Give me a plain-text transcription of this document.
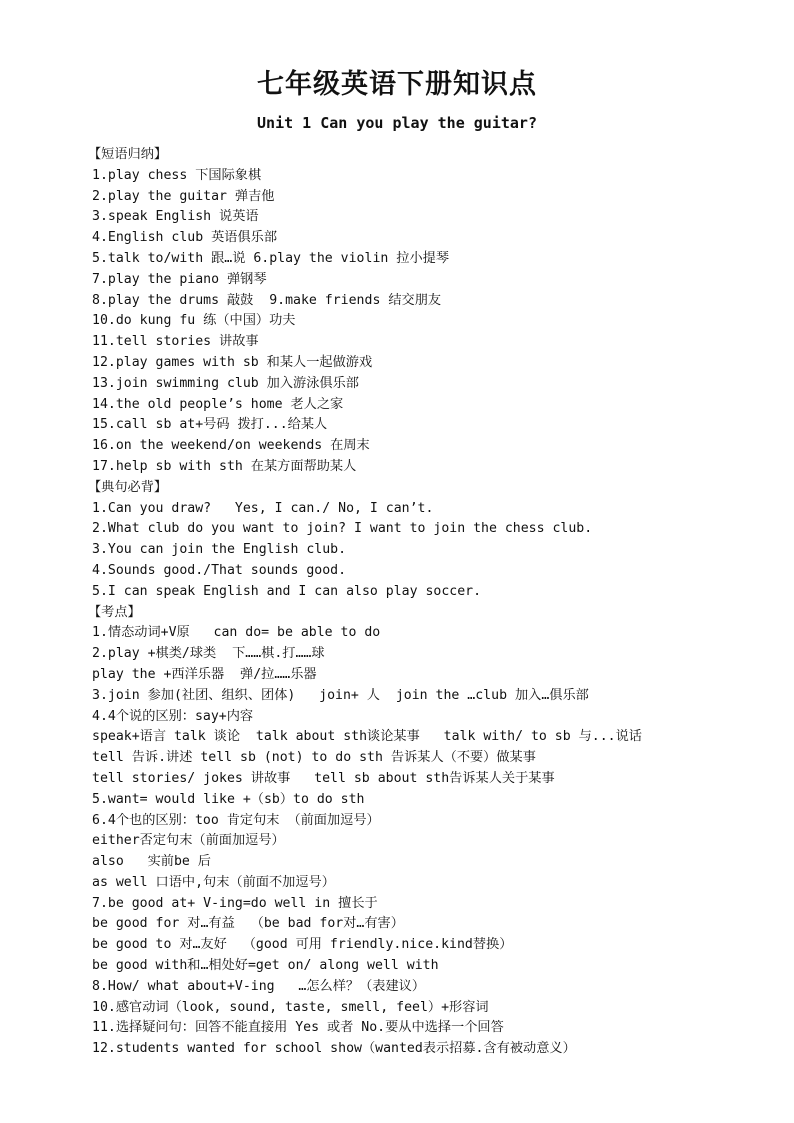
七年级英语下册知识点
Unit 1 Can you play the guitar?
【短语归纳】
1.play chess 下国际象棋
2.play the guitar 弹吉他
3.speak English 说英语
4.English club 英语俱乐部
5.talk to/with 跟…说 6.play the violin 拉小提琴
7.play the piano 弹钢琴
8.play the drums 敲鼓  9.make friends 结交朋友
10.do kung fu 练（中国）功夫
11.tell stories 讲故事
12.play games with sb 和某人一起做游戏
13.join swimming club 加入游泳俱乐部
14.the old people’s home 老人之家
15.call sb at+号码 拨打...给某人
16.on the weekend/on weekends 在周末
17.help sb with sth 在某方面帮助某人
【典句必背】
1.Can you draw?   Yes, I can./ No, I can’t.
2.What club do you want to join? I want to join the chess club.
3.You can join the English club.
4.Sounds good./That sounds good.
5.I can speak English and I can also play soccer.
【考点】
1.情态动词+V原   can do= be able to do
2.play +棋类/球类  下……棋.打……球
play the +西洋乐器  弹/拉……乐器
3.join 参加(社团、组织、团体)   join+ 人  join the …club 加入…俱乐部
4.4个说的区别：say+内容
speak+语言 talk 谈论  talk about sth谈论某事   talk with/ to sb 与...说话
tell 告诉.讲述 tell sb (not) to do sth 告诉某人（不要）做某事
tell stories/ jokes 讲故事   tell sb about sth告诉某人关于某事
5.want= would like +（sb）to do sth
6.4个也的区别：too 肯定句末 （前面加逗号）
either否定句末（前面加逗号）
also   实前be 后
as well 口语中,句末（前面不加逗号）
7.be good at+ V-ing=do well in 擅长于
be good for 对…有益  （be bad for对…有害）
be good to 对…友好  （good 可用 friendly.nice.kind替换）
be good with和…相处好=get on/ along well with
8.How/ what about+V-ing   …怎么样？（表建议）
10.感官动词（look, sound, taste, smell, feel）+形容词
11.选择疑问句：回答不能直接用 Yes 或者 No.要从中选择一个回答
12.students wanted for school show（wanted表示招募.含有被动意义）
